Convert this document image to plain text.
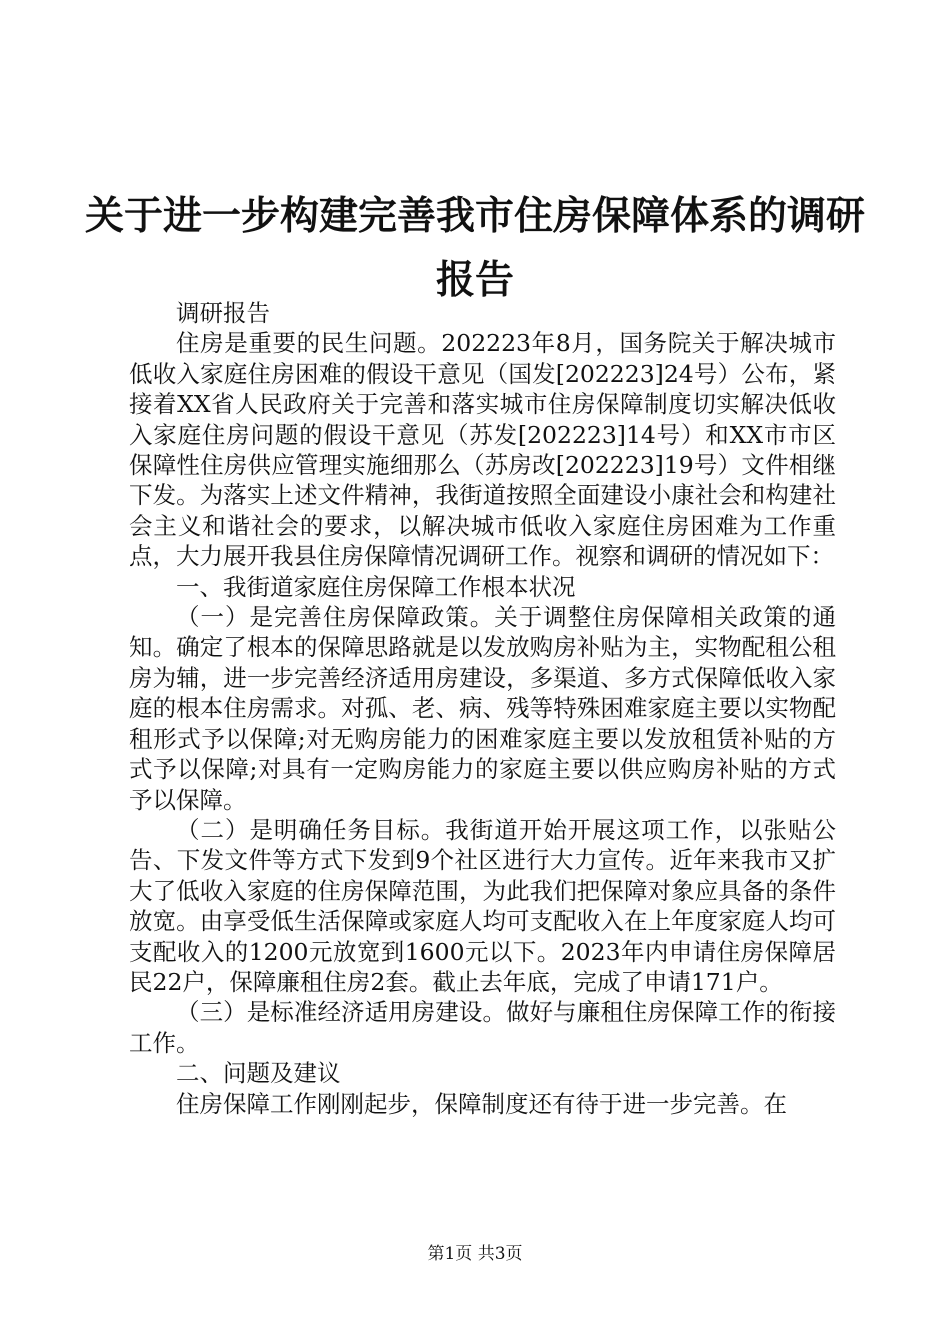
关于进一步构建完善我市住房保障体系的调研
报告

调研报告

住房是重要的民生问题。202223年8月，国务院关于解决城市低收入家庭住房困难的假设干意见（国发[202223]24号）公布，紧接着XX省人民政府关于完善和落实城市住房保障制度切实解决低收入家庭住房问题的假设干意见（苏发[202223]14号）和XX市市区保障性住房供应管理实施细那么（苏房改[202223]19号）文件相继下发。为落实上述文件精神，我街道按照全面建设小康社会和构建社会主义和谐社会的要求，以解决城市低收入家庭住房困难为工作重点，大力展开我县住房保障情况调研工作。视察和调研的情况如下：

一、我街道家庭住房保障工作根本状况

（一）是完善住房保障政策。关于调整住房保障相关政策的通知。确定了根本的保障思路就是以发放购房补贴为主，实物配租公租房为辅，进一步完善经济适用房建设，多渠道、多方式保障低收入家庭的根本住房需求。对孤、老、病、残等特殊困难家庭主要以实物配租形式予以保障;对无购房能力的困难家庭主要以发放租赁补贴的方式予以保障;对具有一定购房能力的家庭主要以供应购房补贴的方式予以保障。

（二）是明确任务目标。我街道开始开展这项工作，以张贴公告、下发文件等方式下发到9个社区进行大力宣传。近年来我市又扩大了低收入家庭的住房保障范围，为此我们把保障对象应具备的条件放宽。由享受低生活保障或家庭人均可支配收入在上年度家庭人均可支配收入的1200元放宽到1600元以下。2023年内申请住房保障居民22户，保障廉租住房2套。截止去年底，完成了申请171户。

（三）是标准经济适用房建设。做好与廉租住房保障工作的衔接工作。

二、问题及建议

住房保障工作刚刚起步，保障制度还有待于进一步完善。在

第1页 共3页
